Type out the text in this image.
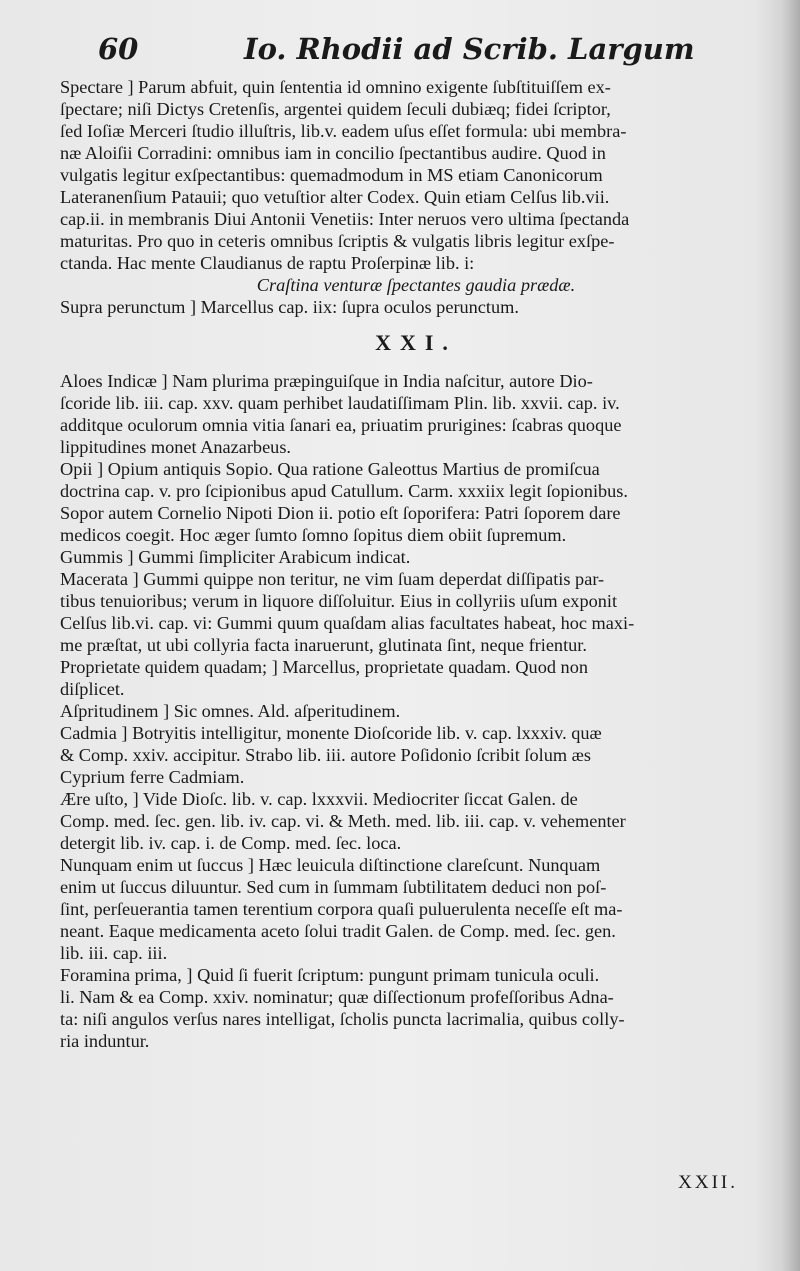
60	Io. Rhodii ad Scrib. Largum
Spectare ] Parum abfuit, quin ſententia id omnino exigente ſubſtituiſſem ex-
ſpectare; niſi Dictys Cretenſis, argentei quidem ſeculi dubiæq; fidei ſcriptor,
ſed Ioſiæ Merceri ſtudio illuſtris, lib.v. eadem uſus eſſet formula: ubi membra-
næ Aloiſii Corradini: omnibus iam in concilio ſpectantibus audire. Quod in
vulgatis legitur exſpectantibus: quemadmodum in MS etiam Canonicorum
Lateranenſium Patauii; quo vetuſtior alter Codex. Quin etiam Celſus lib.vii.
cap.ii. in membranis Diui Antonii Venetiis: Inter neruos vero ultima ſpectanda
maturitas. Pro quo in ceteris omnibus ſcriptis & vulgatis libris legitur exſpe-
ctanda. Hac mente Claudianus de raptu Proſerpinæ lib. i:
Craſtina venturæ ſpectantes gaudia prædæ.
Supra perunctum ] Marcellus cap. iix: ſupra oculos perunctum.
XXI.
Aloes Indicæ ] Nam plurima præpinguiſque in India naſcitur, autore Dio-
ſcoride lib. iii. cap. xxv. quam perhibet laudatiſſimam Plin. lib. xxvii. cap. iv.
additque oculorum omnia vitia ſanari ea, priuatim prurigines: ſcabras quoque
lippitudines monet Anazarbeus.
Opii ] Opium antiquis Sopio. Qua ratione Galeottus Martius de promiſcua
doctrina cap. v. pro ſcipionibus apud Catullum. Carm. xxxiix legit ſopionibus.
Sopor autem Cornelio Nipoti Dion ii. potio eſt ſoporifera: Patri ſoporem dare
medicos coegit. Hoc æger ſumto ſomno ſopitus diem obiit ſupremum.
Gummis ] Gummi ſimpliciter Arabicum indicat.
Macerata ] Gummi quippe non teritur, ne vim ſuam deperdat diſſipatis par-
tibus tenuioribus; verum in liquore diſſoluitur. Eius in collyriis uſum exponit
Celſus lib.vi. cap. vi: Gummi quum quaſdam alias facultates habeat, hoc maxi-
me præſtat, ut ubi collyria facta inaruerunt, glutinata ſint, neque frientur.
Proprietate quidem quadam; ] Marcellus, proprietate quadam. Quod non
diſplicet.
Aſpritudinem ] Sic omnes. Ald. aſperitudinem.
Cadmia ] Botryitis intelligitur, monente Dioſcoride lib. v. cap. lxxxiv. quæ
& Comp. xxiv. accipitur. Strabo lib. iii. autore Poſidonio ſcribit ſolum æs
Cyprium ferre Cadmiam.
Ære uſto, ] Vide Dioſc. lib. v. cap. lxxxvii. Mediocriter ſiccat Galen. de
Comp. med. ſec. gen. lib. iv. cap. vi. & Meth. med. lib. iii. cap. v. vehementer
detergit lib. iv. cap. i. de Comp. med. ſec. loca.
Nunquam enim ut ſuccus ] Hæc leuicula diſtinctione clareſcunt. Nunquam
enim ut ſuccus diluuntur. Sed cum in ſummam ſubtilitatem deduci non poſ-
ſint, perſeuerantia tamen terentium corpora quaſi puluerulenta neceſſe eſt ma-
neant. Eaque medicamenta aceto ſolui tradit Galen. de Comp. med. ſec. gen.
lib. iii. cap. iii.
Foramina prima, ] Quid ſi fuerit ſcriptum: pungunt primam tunicula oculi.
li. Nam & ea Comp. xxiv. nominatur; quæ diſſectionum profeſſoribus Adna-
ta: niſi angulos verſus nares intelligat, ſcholis puncta lacrimalia, quibus colly-
ria induntur.
XXII.
